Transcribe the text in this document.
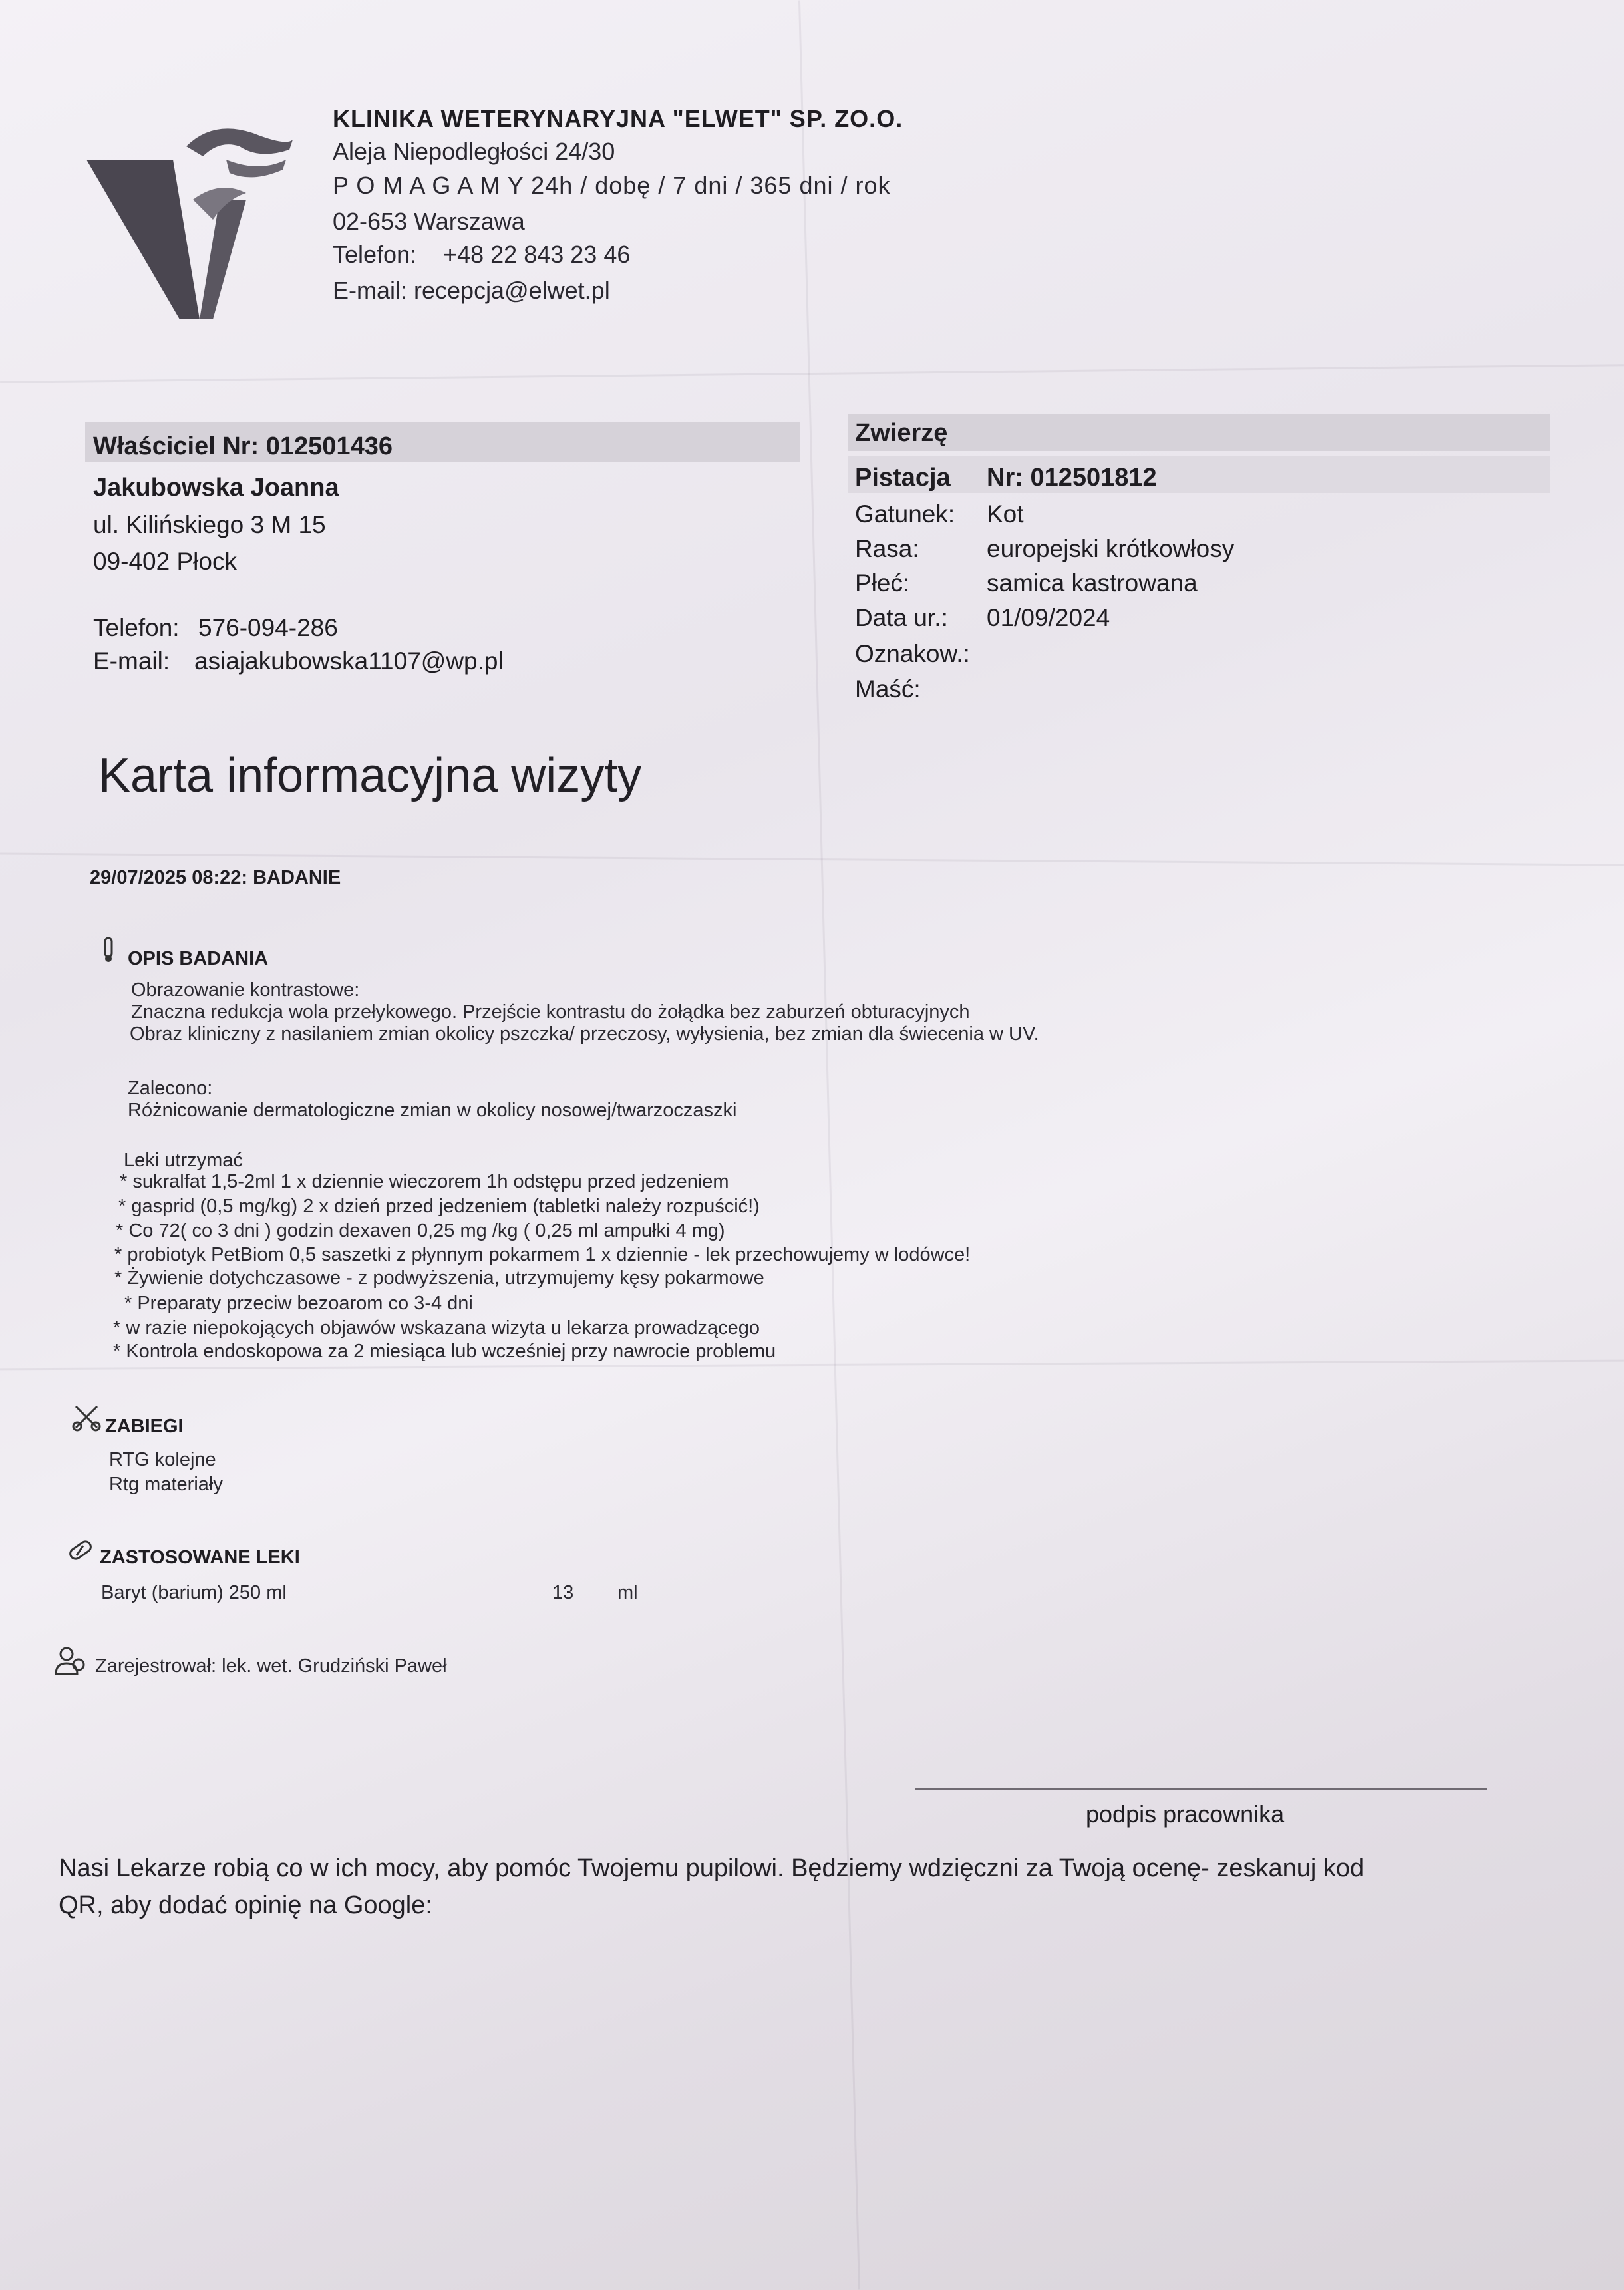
KLINIKA WETERYNARYJNA "ELWET" SP. ZO.O.
Aleja Niepodległości 24/30
P O M A G A M Y 24h / dobę / 7 dni / 365 dni / rok
02-653 Warszawa
Telefon:    +48 22 843 23 46
E-mail: recepcja@elwet.pl
Właściciel Nr: 012501436
Jakubowska Joanna
ul. Kilińskiego 3 M 15
09-402 Płock
Telefon: 576-094-286
E-mail: asiajakubowska1107@wp.pl
Zwierzę
Pistacja Nr: 012501812
Gatunek: Kot
Rasa:	europejski krótkowłosy
Płeć:	samica kastrowana
Data ur.: 01/09/2024
Oznakow.:
Maść:
Karta informacyjna wizyty
29/07/2025 08:22: BADANIE
OPIS BADANIA
Obrazowanie kontrastowe:
Znaczna redukcja wola przełykowego. Przejście kontrastu do żołądka bez zaburzeń obturacyjnych
Obraz kliniczny z nasilaniem zmian okolicy pszczka/ przeczosy, wyłysienia, bez zmian dla świecenia w UV.
Zalecono:
Różnicowanie dermatologiczne zmian w okolicy nosowej/twarzoczaszki
Leki utrzymać
* sukralfat 1,5-2ml 1 x dziennie wieczorem 1h odstępu przed jedzeniem
* gasprid (0,5 mg/kg) 2 x dzień przed jedzeniem (tabletki należy rozpuścić!)
* Co 72( co 3 dni ) godzin dexaven 0,25 mg /kg ( 0,25 ml ampułki 4 mg)
* probiotyk PetBiom 0,5 saszetki z płynnym pokarmem 1 x dziennie - lek przechowujemy w lodówce!
* Żywienie dotychczasowe - z podwyższenia, utrzymujemy kęsy pokarmowe
* Preparaty przeciw bezoarom co 3-4 dni
* w razie niepokojących objawów wskazana wizyta u lekarza prowadzącego
* Kontrola endoskopowa za 2 miesiąca lub wcześniej przy nawrocie problemu
ZABIEGI
RTG kolejne
Rtg materiały
ZASTOSOWANE LEKI
Baryt (barium) 250 ml	13 ml
Zarejestrował: lek. wet. Grudziński Paweł
podpis pracownika
Nasi Lekarze robią co w ich mocy, aby pomóc Twojemu pupilowi. Będziemy wdzięczni za Twoją ocenę- zeskanuj kod
QR, aby dodać opinię na Google:
